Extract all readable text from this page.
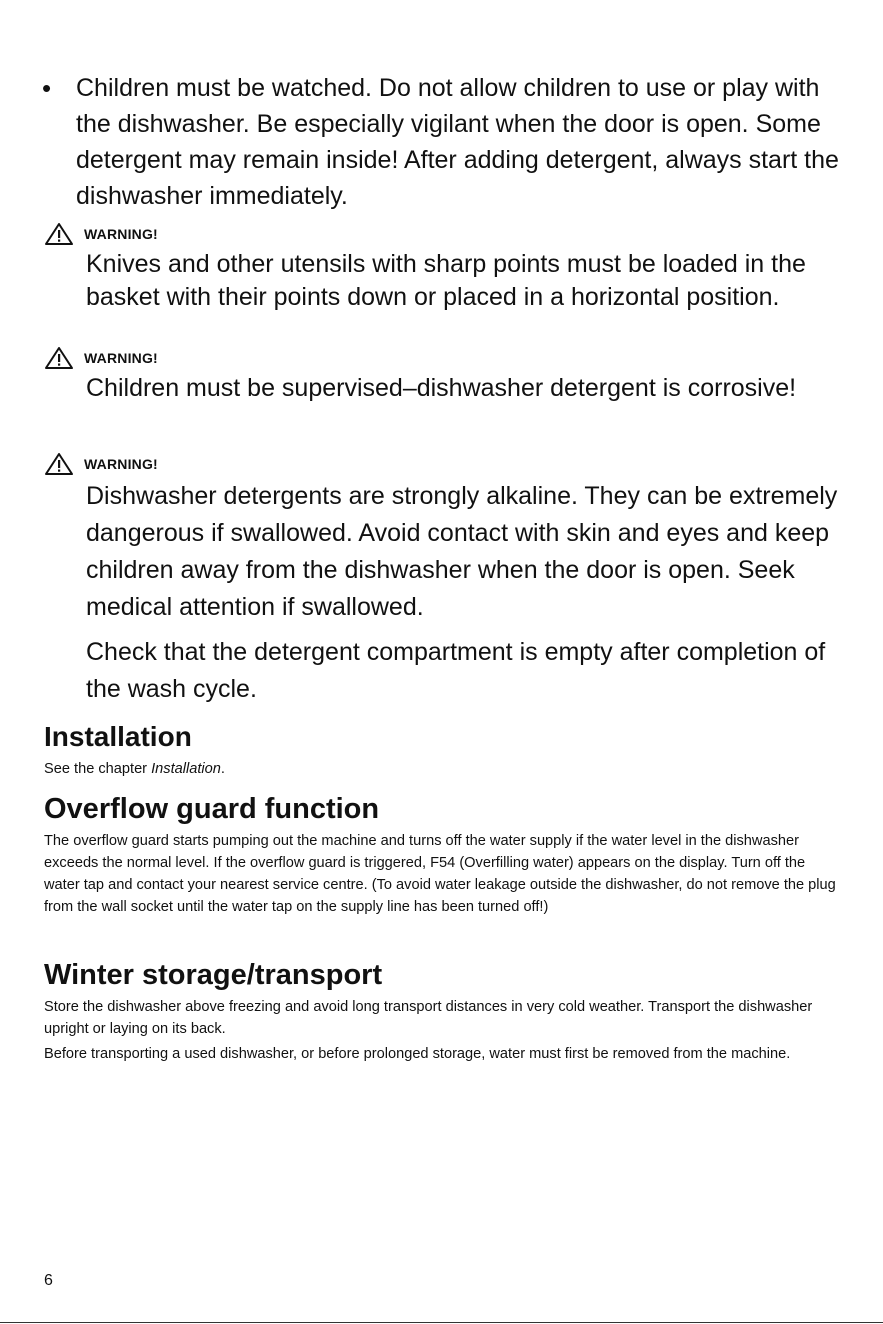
• Children must be watched. Do not allow children to use or play with the dishwasher. Be especially vigilant when the door is open. Some detergent may remain inside! After adding detergent, always start the dishwasher immediately.
WARNING!

Knives and other utensils with sharp points must be loaded in the basket with their points down or placed in a horizontal position.

WARNING!

Children must be supervised–dishwasher detergent is corrosive!

WARNING!

Dishwasher detergents are strongly alkaline. They can be extremely dangerous if swallowed. Avoid contact with skin and eyes and keep children away from the dishwasher when the door is open. Seek medical attention if swallowed.

Check that the detergent compartment is empty after completion of the wash cycle.

Installation

See the chapter Installation.

Overflow guard function

The overflow guard starts pumping out the machine and turns off the water supply if the water level in the dishwasher exceeds the normal level. If the overflow guard is triggered, F54 (Overfilling water) appears on the display. Turn off the water tap and contact your nearest service centre. (To avoid water leakage outside the dishwasher, do not remove the plug from the wall socket until the water tap on the supply line has been turned off!)

Winter storage/transport

Store the dishwasher above freezing and avoid long transport distances in very cold weather. Transport the dishwasher upright or laying on its back.

Before transporting a used dishwasher, or before prolonged storage, water must first be removed from the machine.

6
